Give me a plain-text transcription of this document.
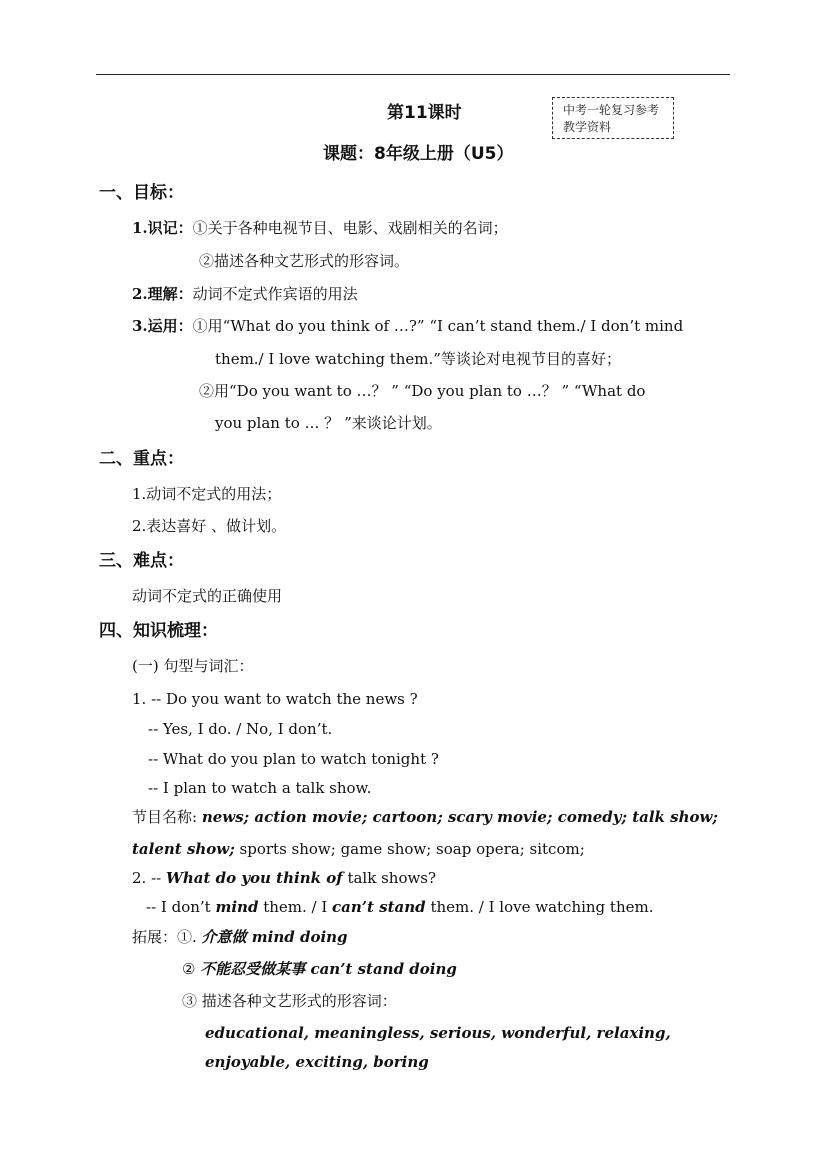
第11课时	中考一轮复习参考
教学资料
课题：8年级上册（U5）
一、目标：
1.识记：①关于各种电视节目、电影、戏剧相关的名词；
②描述各种文艺形式的形容词。
2.理解：动词不定式作宾语的用法
3.运用：①用“What do you think of …?” “I can’t stand them./ I don’t mind
them./ I love watching them.”等谈论对电视节目的喜好；
②用“Do you want to …？ ” “Do you plan to …？ ” “What do
you plan to … ？ ”来谈论计划。
二、重点：
1.动词不定式的用法；
2.表达喜好 、做计划。
三、难点：
动词不定式的正确使用
四、知识梳理：
(一) 句型与词汇：
1. -- Do you want to watch the news ?
-- Yes, I do. / No, I don’t.
-- What do you plan to watch tonight ?
-- I plan to watch a talk show.
节目名称: news; action movie; cartoon; scary movie; comedy; talk show;
talent show; sports show; game show; soap opera; sitcom;
2. -- What do you think of talk shows?
-- I don’t mind them. / I can’t stand them. / I love watching them.
拓展：①. 介意做 mind doing
② 不能忍受做某事 can’t stand doing
③ 描述各种文艺形式的形容词：
educational, meaningless, serious, wonderful, relaxing,
enjoyable, exciting, boring
